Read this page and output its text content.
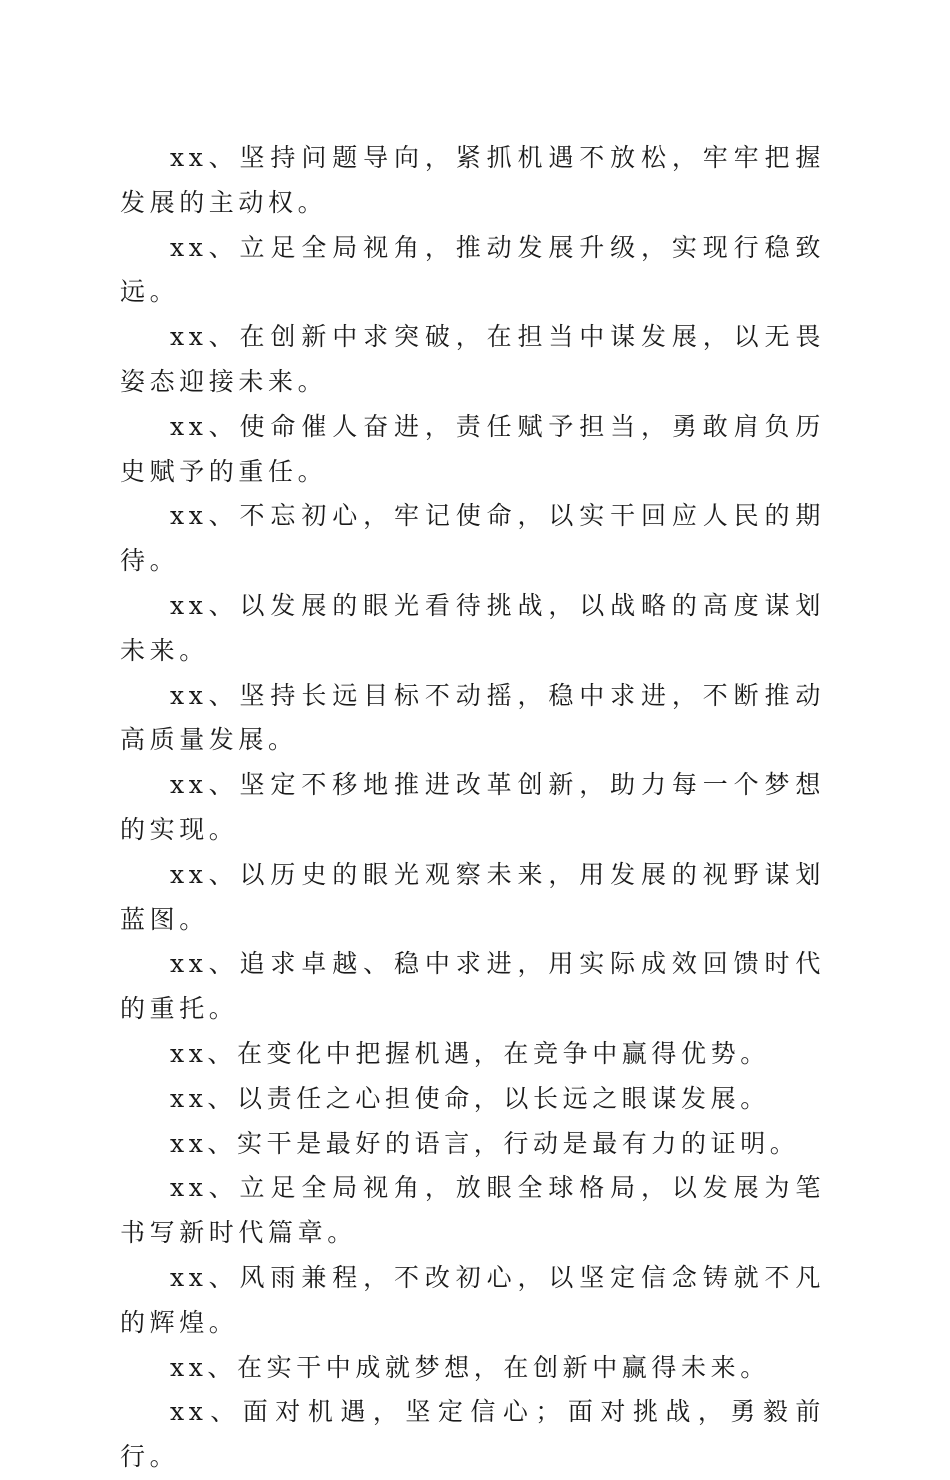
xx、坚持问题导向，紧抓机遇不放松，牢牢把握发展的主动权。

xx、立足全局视角，推动发展升级，实现行稳致远。

xx、在创新中求突破，在担当中谋发展，以无畏姿态迎接未来。

xx、使命催人奋进，责任赋予担当，勇敢肩负历史赋予的重任。

xx、不忘初心，牢记使命，以实干回应人民的期待。

xx、以发展的眼光看待挑战，以战略的高度谋划未来。

xx、坚持长远目标不动摇，稳中求进，不断推动高质量发展。

xx、坚定不移地推进改革创新，助力每一个梦想的实现。

xx、以历史的眼光观察未来，用发展的视野谋划蓝图。

xx、追求卓越、稳中求进，用实际成效回馈时代的重托。

xx、在变化中把握机遇，在竞争中赢得优势。

xx、以责任之心担使命，以长远之眼谋发展。

xx、实干是最好的语言，行动是最有力的证明。

xx、立足全局视角，放眼全球格局，以发展为笔书写新时代篇章。

xx、风雨兼程，不改初心，以坚定信念铸就不凡的辉煌。

xx、在实干中成就梦想，在创新中赢得未来。

xx、面对机遇，坚定信心；面对挑战，勇毅前行。
